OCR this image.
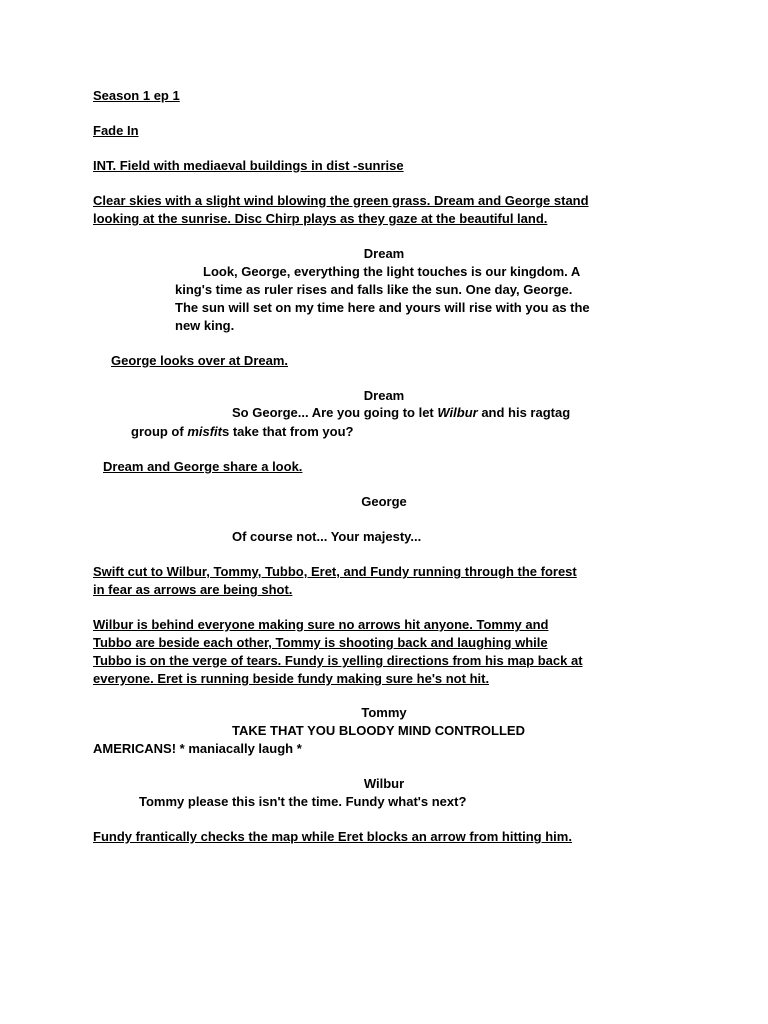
Season 1 ep 1
Fade In
INT. Field with mediaeval buildings in dist -sunrise
Clear skies with a slight wind blowing the green grass. Dream and George stand
looking at the sunrise. Disc Chirp plays as they gaze at the beautiful land.
Dream
Look, George, everything the light touches is our kingdom. A
king's time as ruler rises and falls like the sun. One day, George.
The sun will set on my time here and yours will rise with you as the
new king.
George looks over at Dream.
Dream
So George... Are you going to let Wilbur and his ragtag
group of misfits take that from you?
Dream and George share a look.
George
Of course not... Your majesty...
Swift cut to Wilbur, Tommy, Tubbo, Eret, and Fundy running through the forest
in fear as arrows are being shot.
Wilbur is behind everyone making sure no arrows hit anyone. Tommy and
Tubbo are beside each other, Tommy is shooting back and laughing while
Tubbo is on the verge of tears. Fundy is yelling directions from his map back at
everyone. Eret is running beside fundy making sure he's not hit.
Tommy
TAKE THAT YOU BLOODY MIND CONTROLLED
AMERICANS! * maniacally laugh *
Wilbur
Tommy please this isn't the time. Fundy what's next?
Fundy frantically checks the map while Eret blocks an arrow from hitting him.
